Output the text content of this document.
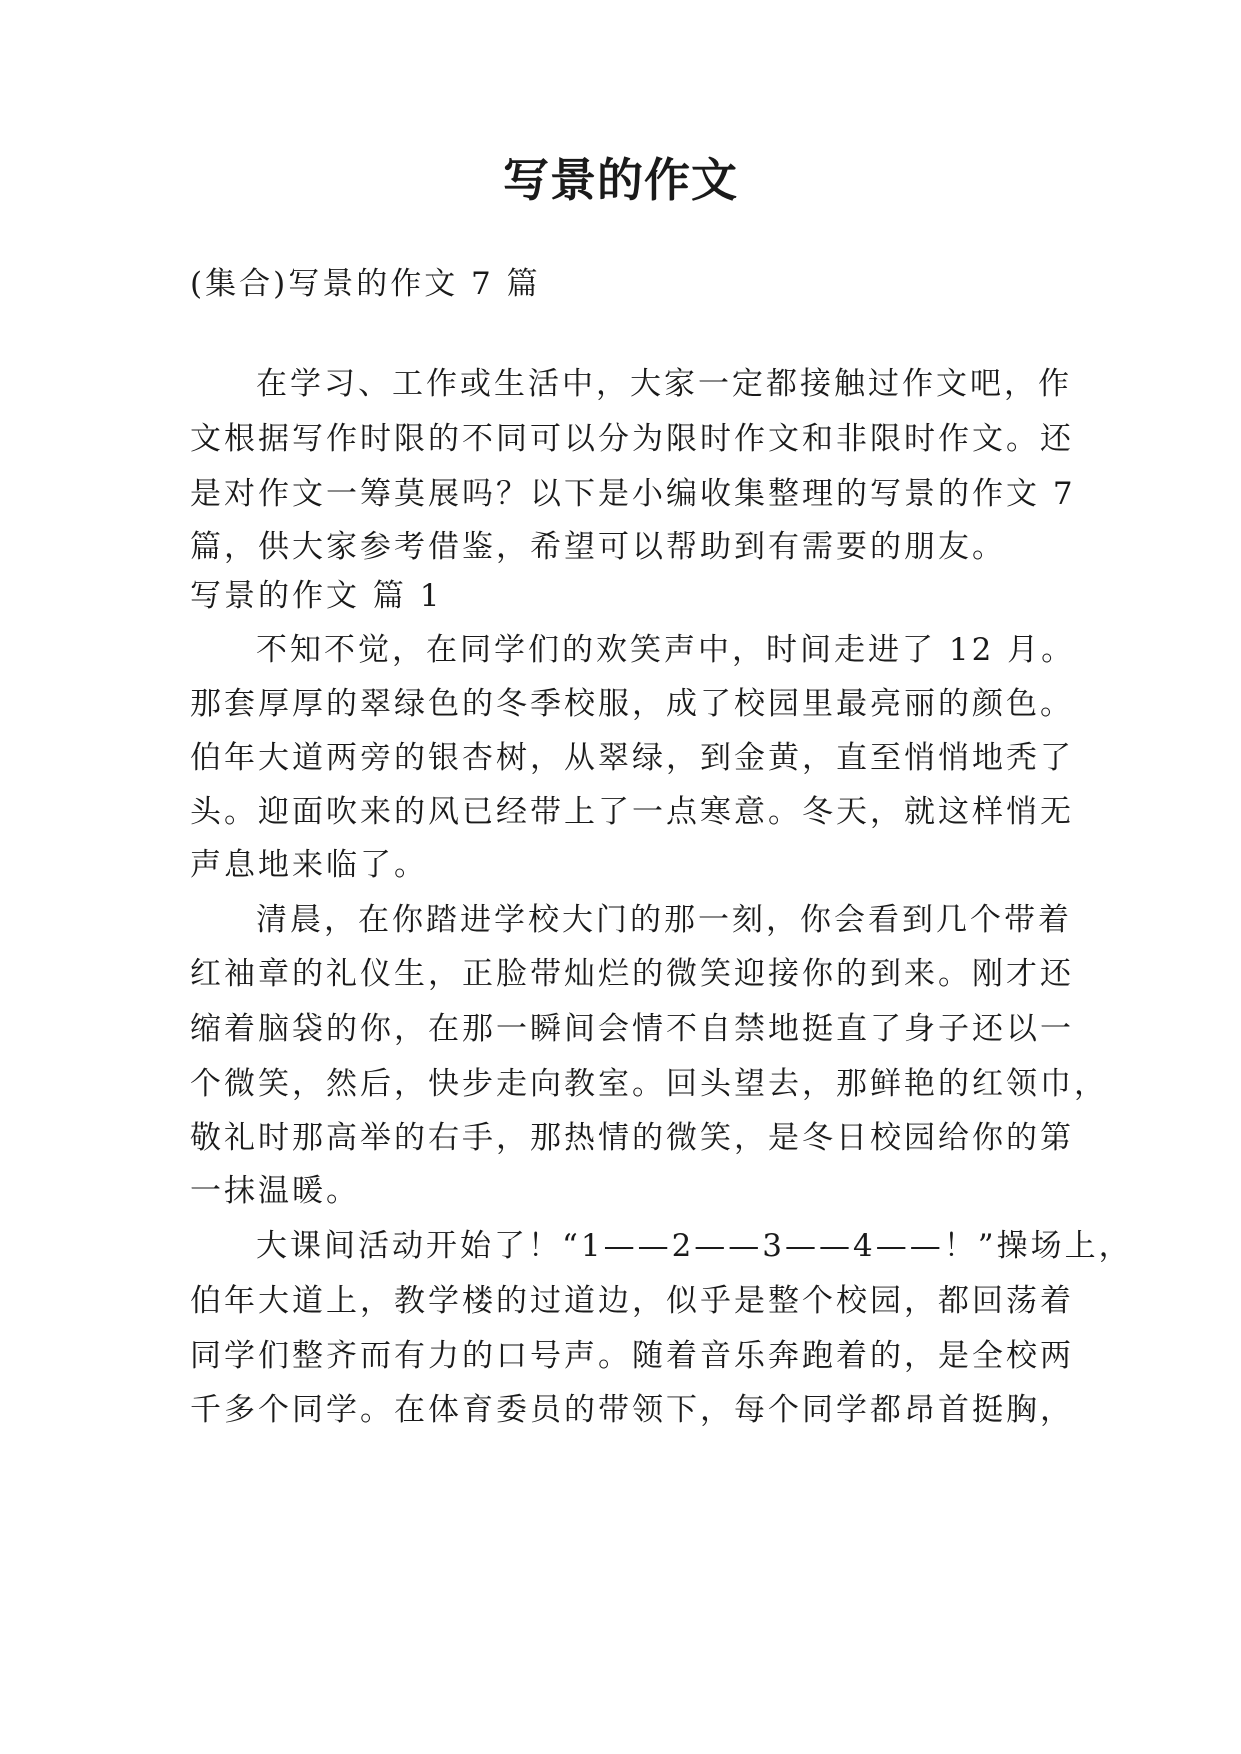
写景的作文
(集合)写景的作文 7 篇
在学习、工作或生活中，大家一定都接触过作文吧，作
文根据写作时限的不同可以分为限时作文和非限时作文。还
是对作文一筹莫展吗？以下是小编收集整理的写景的作文 7
篇，供大家参考借鉴，希望可以帮助到有需要的朋友。
写景的作文 篇 1
不知不觉，在同学们的欢笑声中，时间走进了 12 月。
那套厚厚的翠绿色的冬季校服，成了校园里最亮丽的颜色。
伯年大道两旁的银杏树，从翠绿，到金黄，直至悄悄地秃了
头。迎面吹来的风已经带上了一点寒意。冬天，就这样悄无
声息地来临了。
清晨，在你踏进学校大门的那一刻，你会看到几个带着
红袖章的礼仪生，正脸带灿烂的微笑迎接你的到来。刚才还
缩着脑袋的你，在那一瞬间会情不自禁地挺直了身子还以一
个微笑，然后，快步走向教室。回头望去，那鲜艳的红领巾，
敬礼时那高举的右手，那热情的微笑，是冬日校园给你的第
一抹温暖。
大课间活动开始了！“1——2——3——4——！”操场上，
伯年大道上，教学楼的过道边，似乎是整个校园，都回荡着
同学们整齐而有力的口号声。随着音乐奔跑着的，是全校两
千多个同学。在体育委员的带领下，每个同学都昂首挺胸，
